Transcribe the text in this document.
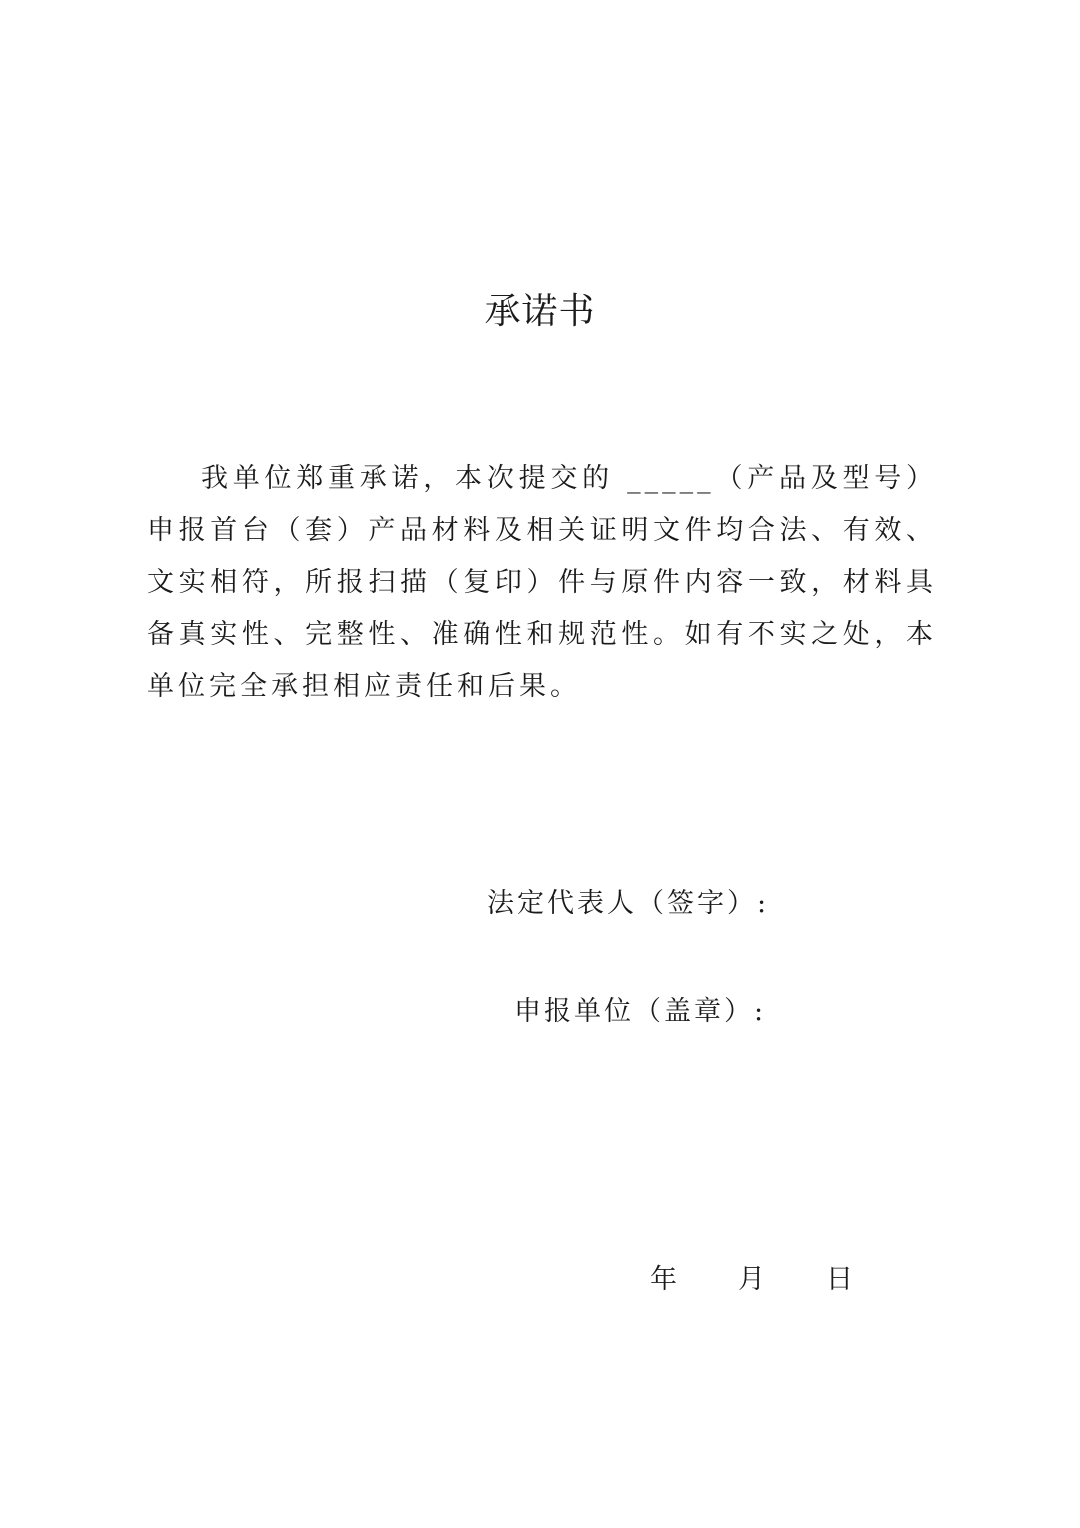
承诺书

我单位郑重承诺，本次提交的 _____（产品及型号）申报首台（套）产品材料及相关证明文件均合法、有效、文实相符，所报扫描（复印）件与原件内容一致，材料具备真实性、完整性、准确性和规范性。如有不实之处，本单位完全承担相应责任和后果。

法定代表人（签字）:
申报单位（盖章）:
年 月 日
